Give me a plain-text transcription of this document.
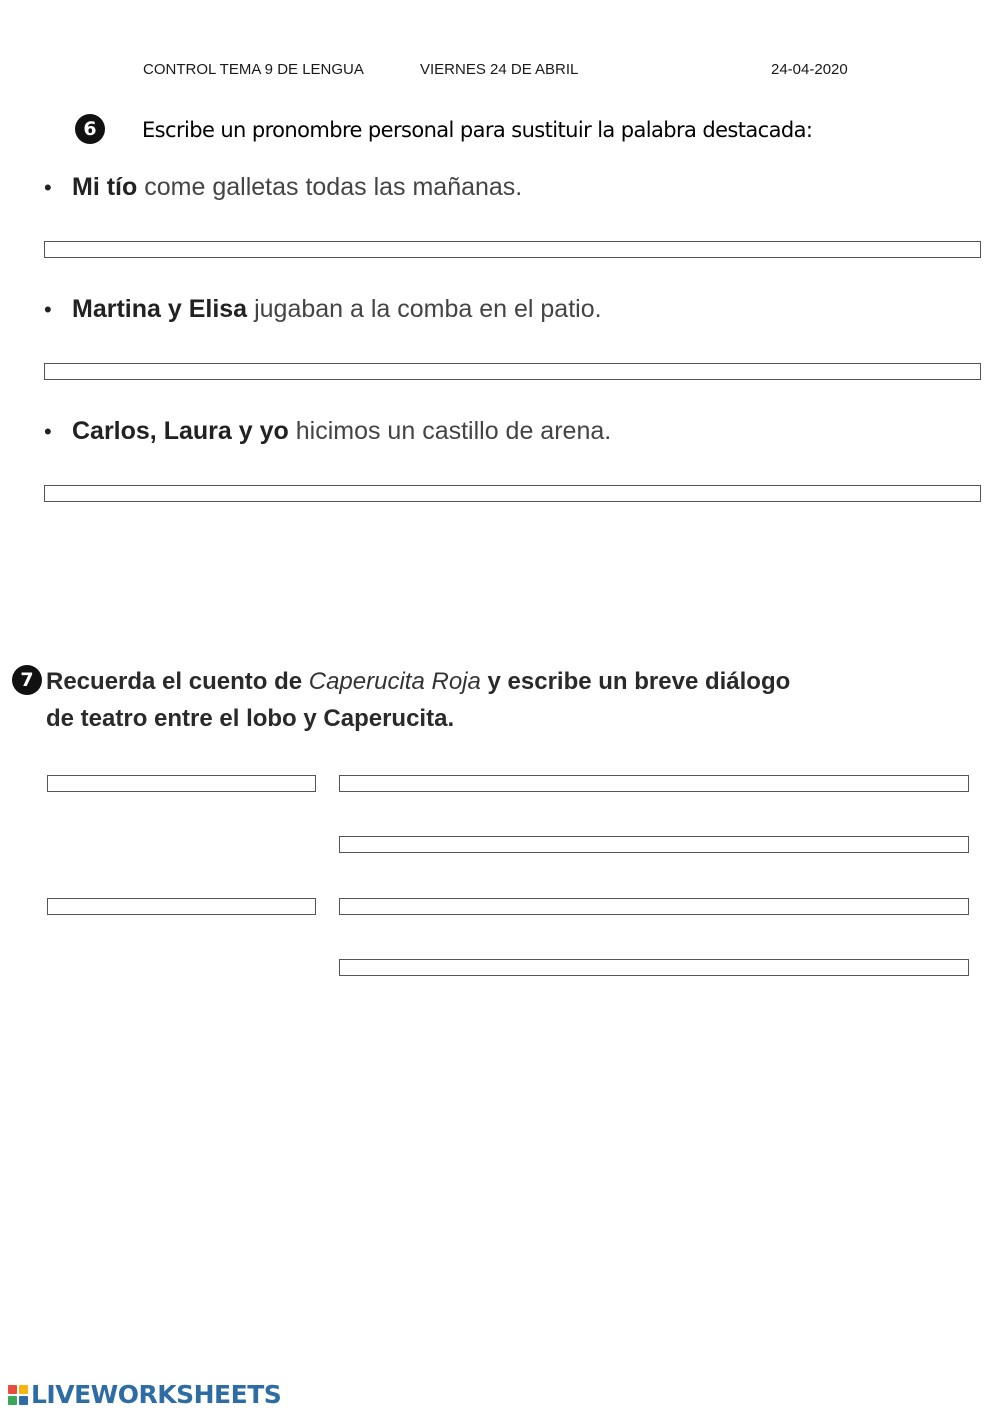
CONTROL TEMA 9 DE LENGUA	VIERNES 24 DE ABRIL	24-04-2020
6	Escribe un pronombre personal para sustituir la palabra destacada:
• Mi tío come galletas todas las mañanas.
• Martina y Elisa jugaban a la comba en el patio.
• Carlos, Laura y yo hicimos un castillo de arena.
7 Recuerda el cuento de Caperucita Roja y escribe un breve diálogo
de teatro entre el lobo y Caperucita.
LIVEWORKSHEETS
